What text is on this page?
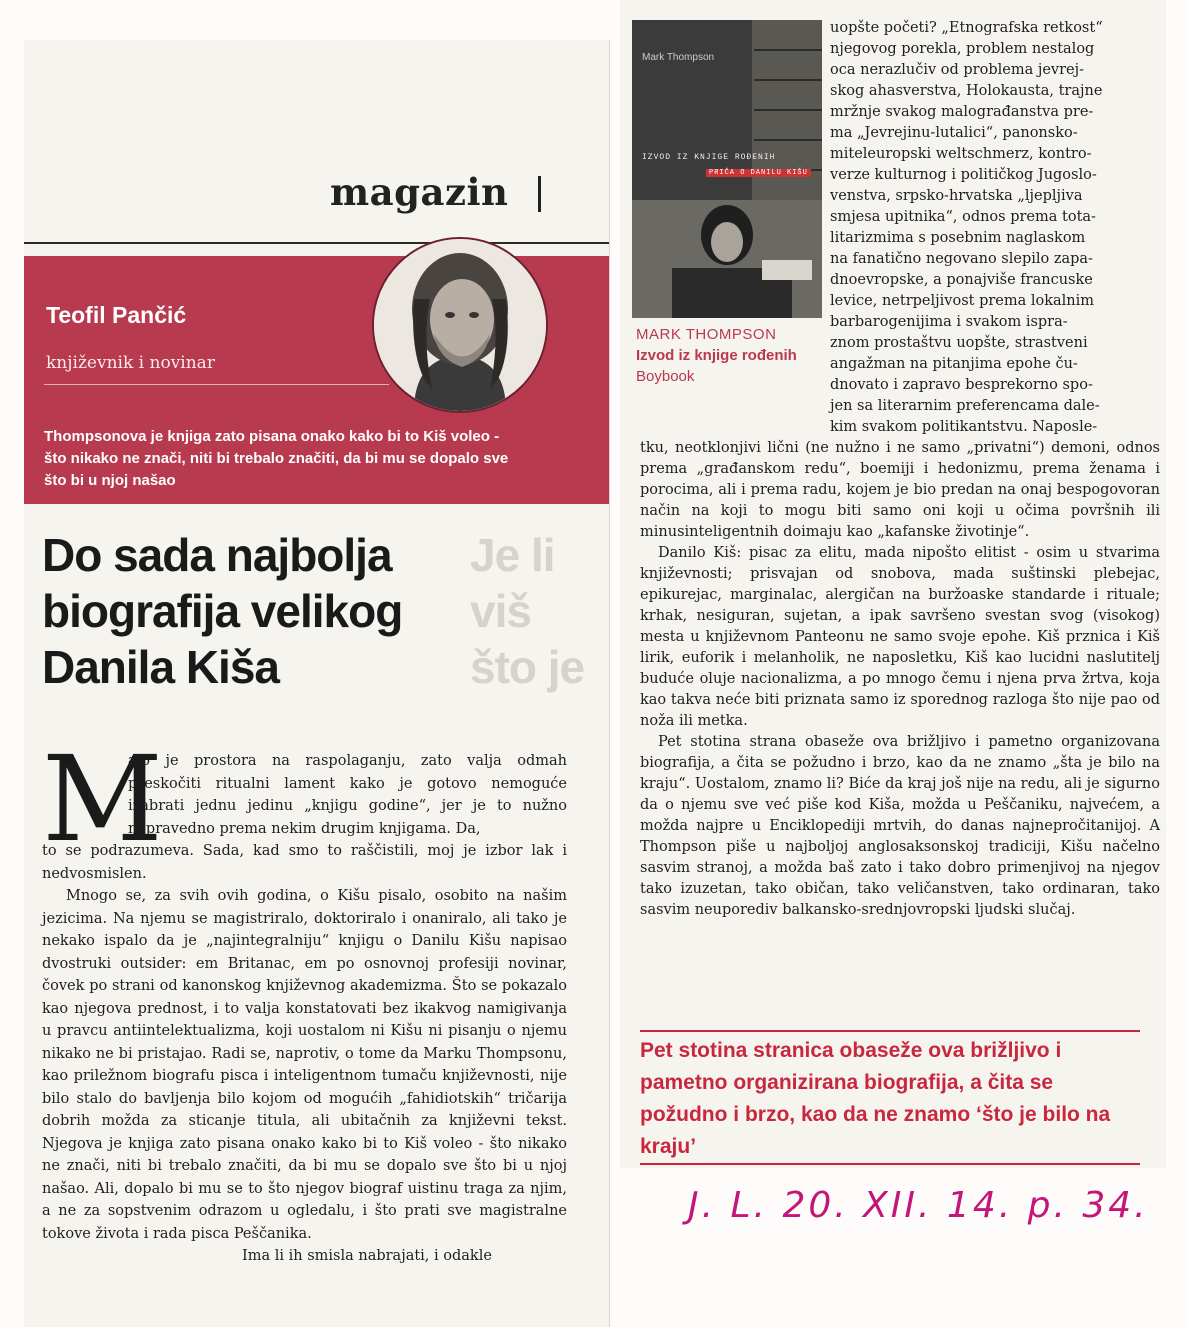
magazin
Teofil Pančić
književnik i novinar
Thompsonova je knjiga zato pisana onako kako bi to Kiš voleo - što nikako ne znači, niti bi trebalo značiti, da bi mu se dopalo sve što bi u njoj našao
Je li
viš
što je
Do sada najbolja
biografija velikog
Danila Kiša
M

alo je prostora na raspolaganju, zato valja odmah preskočiti ritualni lament kako je gotovo nemoguće izabrati jednu jedinu „knjigu godine“, jer je to nužno nepravedno prema nekim drugim knjigama. Da,

to se podrazumeva. Sada, kad smo to raščistili, moj je izbor lak i nedvosmislen.

Mnogo se, za svih ovih godina, o Kišu pisalo, osobito na našim jezicima. Na njemu se magistriralo, doktoriralo i onaniralo, ali tako je nekako ispalo da je „najintegralniju“ knjigu o Danilu Kišu napisao dvostruki outsider: em Britanac, em po osnovnoj profesiji novinar, čovek po strani od kanonskog književnog akademizma. Što se pokazalo kao njegova prednost, i to valja konstatovati bez ikakvog namigivanja u pravcu antiintelektualizma, koji uostalom ni Kišu ni pisanju o njemu nikako ne bi pristajao. Radi se, naprotiv, o tome da Marku Thompsonu, kao priležnom biografu pisca i inteligentnom tumaču književnosti, nije bilo stalo do bavljenja bilo kojom od mogućih „fahidiotskih“ tričarija dobrih možda za sticanje titula, ali ubitačnih za književni tekst. Njegova je knjiga zato pisana onako kako bi to Kiš voleo - što nikako ne znači, niti bi trebalo značiti, da bi mu se dopalo sve što bi u njoj našao. Ali, dopalo bi mu se to što njegov biograf uistinu traga za njim, a ne za sopstvenim odrazom u ogledalu, i što prati sve magistralne tokove života i rada pisca Peščanika.

Ima li ih smisla nabrajati, i odakle

Mark Thompson
IZVOD IZ KNJIGE ROĐENIH
PRIČA O DANILU KIŠU
MARK THOMPSON
Izvod iz knjige rođenih
Boybook

uopšte početi? „Etnografska retkost“
njegovog porekla, problem nestalog
oca nerazlučiv od problema jevrej-
skog ahasverstva, Holokausta, trajne
mržnje svakog malograđanstva pre-
ma „Jevrejinu-lutalici“, panonsko-
miteleuropski weltschmerz, kontro-
verze kulturnog i političkog Jugoslo-
venstva, srpsko-hrvatska „ljepljiva
smjesa upitnika“, odnos prema tota-
litarizmima s posebnim naglaskom
na fanatično negovano slepilo zapa-
dnoevropske, a ponajviše francuske
levice, netrpeljivost prema lokalnim
barbarogenijima i svakom ispra-
znom prostaštvu uopšte, strastveni
angažman na pitanjima epohe ču-
dnovato i zapravo besprekorno spo-
jen sa literarnim preferencama dale-
kim svakom politikantstvu. Naposle-

tku, neotklonjivi lični (ne nužno i ne samo „privatni“) demoni, odnos prema „građanskom redu“, boemiji i hedonizmu, prema ženama i porocima, ali i prema radu, kojem je bio predan na onaj bespogovoran način na koji to mogu biti samo oni koji u očima površnih ili minusinteligentnih doimaju kao „kafanske životinje“.

Danilo Kiš: pisac za elitu, mada nipošto elitist - osim u stvarima književnosti; prisvajan od snobova, mada suštinski plebejac, epikurejac, marginalac, alergičan na buržoaske standarde i rituale; krhak, nesiguran, sujetan, a ipak savršeno svestan svog (visokog) mesta u književnom Panteonu ne samo svoje epohe. Kiš prznica i Kiš lirik, euforik i melanholik, ne naposletku, Kiš kao lucidni naslutitelj buduće oluje nacionalizma, a po mnogo čemu i njena prva žrtva, koja kao takva neće biti priznata samo iz sporednog razloga što nije pao od noža ili metka.

Pet stotina strana obaseže ova brižljivo i pametno organizovana biografija, a čita se požudno i brzo, kao da ne znamo „šta je bilo na kraju“. Uostalom, znamo li? Biće da kraj još nije na redu, ali je sigurno da o njemu sve već piše kod Kiša, možda u Peščaniku, najvećem, a možda najpre u Enciklopediji mrtvih, do danas najnepročitanijoj. A Thompson piše u najboljoj anglosaksonskoj tradiciji, Kišu načelno sasvim stranoj, a možda baš zato i tako dobro primenjivoj na njegov tako izuzetan, tako običan, tako veličanstven, tako ordinaran, tako sasvim neuporediv balkansko-srednjovropski ljudski slučaj.

Pet stotina stranica obaseže ova brižljivo i pametno organizirana biografija, a čita se požudno i brzo, kao da ne znamo ‘što je bilo na kraju’
J. L. 20. XII. 14. p. 34.
